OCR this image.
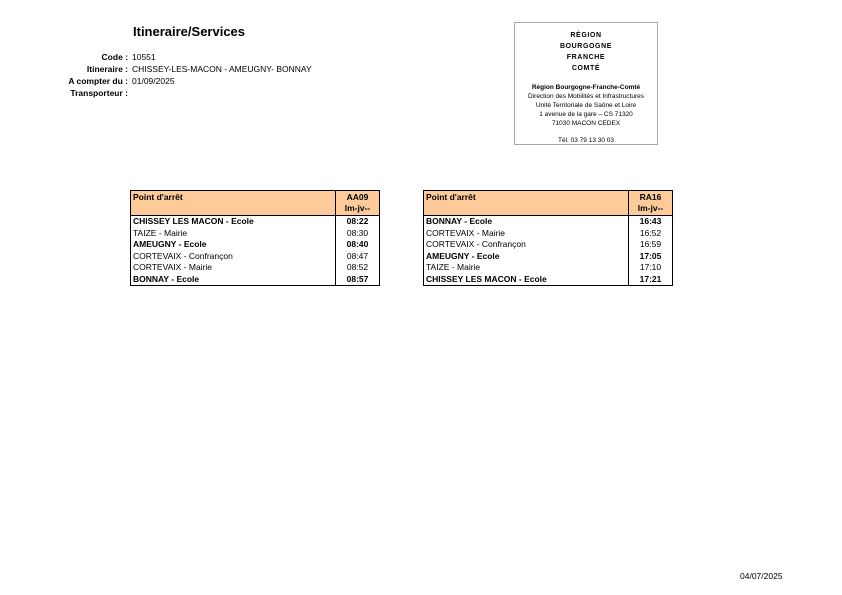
Itineraire/Services
Code : 10551
Itineraire : CHISSEY-LES-MACON - AMEUGNY- BONNAY
A compter du : 01/09/2025
Transporteur :
RÉGION
BOURGOGNE
FRANCHE
COMTÉ
Région Bourgogne-Franche-Comté
Direction des Mobilités et Infrastructures
Unité Territoriale de Saône et Loire
1 avenue de la gare – CS 71320
71030 MACON CEDEX
Tél. 03 79 13 30 03
Point d'arrêt	AA09
lm-jv--

CHISSEY LES MACON - Ecole	08:22
TAIZE - Mairie	08:30
AMEUGNY - Ecole	08:40
CORTEVAIX - Confrançon	08:47
CORTEVAIX - Mairie	08:52
BONNAY - Ecole	08:57
Point d'arrêt	RA16
lm-jv--

BONNAY - Ecole	16:43
CORTEVAIX - Mairie	16:52
CORTEVAIX - Confrançon	16:59
AMEUGNY - Ecole	17:05
TAIZE - Mairie	17:10
CHISSEY LES MACON - Ecole	17:21
04/07/2025
